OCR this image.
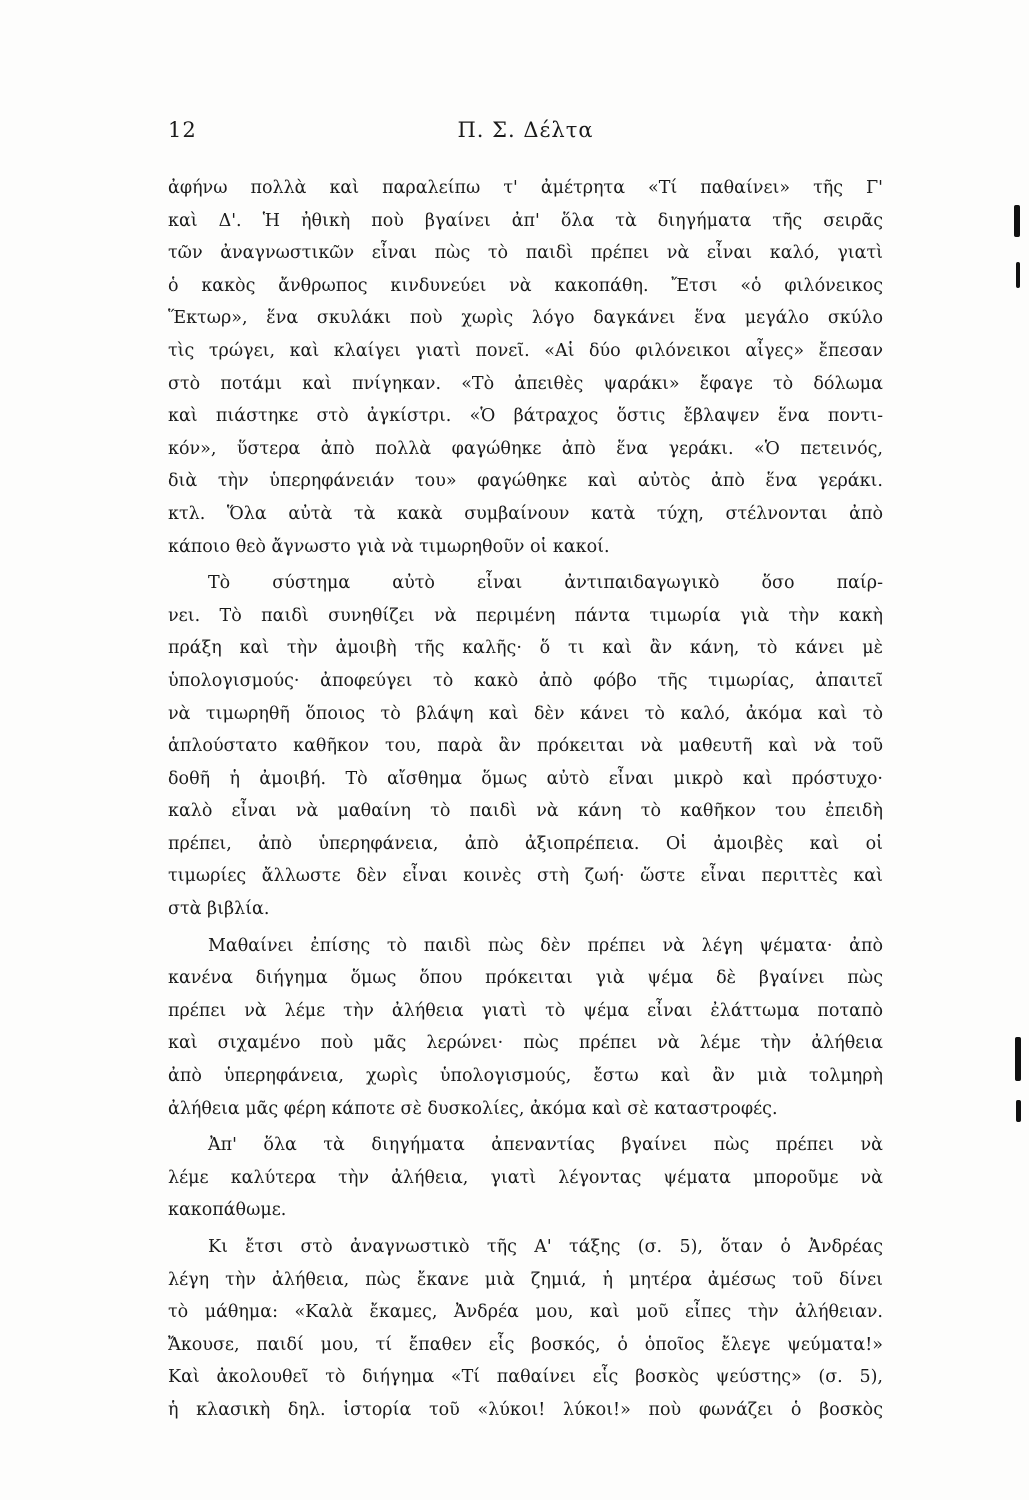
12	Π. Σ. Δέλτα
ἀφήνω πολλὰ καὶ παραλείπω τ' ἀμέτρητα «Τί παθαίνει» τῆς Γ'
καὶ Δ'. Ἡ ἠθικὴ ποὺ βγαίνει ἀπ' ὅλα τὰ διηγήματα τῆς σειρᾶς
τῶν ἀναγνωστικῶν εἶναι πὼς τὸ παιδὶ πρέπει νὰ εἶναι καλό, γιατὶ
ὁ κακὸς ἄνθρωπος κινδυνεύει νὰ κακοπάθη. Ἔτσι «ὁ φιλόνεικος
Ἕκτωρ», ἕνα σκυλάκι ποὺ χωρὶς λόγο δαγκάνει ἕνα μεγάλο σκύλο
τὶς τρώγει, καὶ κλαίγει γιατὶ πονεῖ. «Αἱ δύο φιλόνεικοι αἶγες» ἔπεσαν
στὸ ποτάμι καὶ πνίγηκαν. «Τὸ ἀπειθὲς ψαράκι» ἔφαγε τὸ δόλωμα
καὶ πιάστηκε στὸ ἀγκίστρι. «Ὁ βάτραχος ὅστις ἔβλαψεν ἕνα ποντι-
κόν», ὕστερα ἀπὸ πολλὰ φαγώθηκε ἀπὸ ἕνα γεράκι. «Ὁ πετεινός,
διὰ τὴν ὑπερηφάνειάν του» φαγώθηκε καὶ αὐτὸς ἀπὸ ἕνα γεράκι.
κτλ. Ὅλα αὐτὰ τὰ κακὰ συμβαίνουν κατὰ τύχη, στέλνονται ἀπὸ
κάποιο θεὸ ἄγνωστο γιὰ νὰ τιμωρηθοῦν οἱ κακοί.
Τὸ σύστημα αὐτὸ εἶναι ἀντιπαιδαγωγικὸ ὅσο παίρ-
νει. Τὸ παιδὶ συνηθίζει νὰ περιμένη πάντα τιμωρία γιὰ τὴν κακὴ
πράξη καὶ τὴν ἀμοιβὴ τῆς καλῆς· ὅ τι καὶ ἂν κάνη, τὸ κάνει μὲ
ὑπολογισμούς· ἀποφεύγει τὸ κακὸ ἀπὸ φόβο τῆς τιμωρίας, ἀπαιτεῖ
νὰ τιμωρηθῆ ὅποιος τὸ βλάψη καὶ δὲν κάνει τὸ καλό, ἀκόμα καὶ τὸ
ἁπλούστατο καθῆκον του, παρὰ ἂν πρόκειται νὰ μαθευτῆ καὶ νὰ τοῦ
δοθῆ ἡ ἀμοιβή. Τὸ αἴσθημα ὅμως αὐτὸ εἶναι μικρὸ καὶ πρόστυχο·
καλὸ εἶναι νὰ μαθαίνη τὸ παιδὶ νὰ κάνη τὸ καθῆκον του ἐπειδὴ
πρέπει, ἀπὸ ὑπερηφάνεια, ἀπὸ ἀξιοπρέπεια. Οἱ ἀμοιβὲς καὶ οἱ
τιμωρίες ἄλλωστε δὲν εἶναι κοινὲς στὴ ζωή· ὥστε εἶναι περιττὲς καὶ
στὰ βιβλία.
Μαθαίνει ἐπίσης τὸ παιδὶ πὼς δὲν πρέπει νὰ λέγη ψέματα· ἀπὸ
κανένα διήγημα ὅμως ὅπου πρόκειται γιὰ ψέμα δὲ βγαίνει πὼς
πρέπει νὰ λέμε τὴν ἀλήθεια γιατὶ τὸ ψέμα εἶναι ἐλάττωμα ποταπὸ
καὶ σιχαμένο ποὺ μᾶς λερώνει· πὼς πρέπει νὰ λέμε τὴν ἀλήθεια
ἀπὸ ὑπερηφάνεια, χωρὶς ὑπολογισμούς, ἔστω καὶ ἂν μιὰ τολμηρὴ
ἀλήθεια μᾶς φέρη κάποτε σὲ δυσκολίες, ἀκόμα καὶ σὲ καταστροφές.
Ἀπ' ὅλα τὰ διηγήματα ἀπεναντίας βγαίνει πὼς πρέπει νὰ
λέμε καλύτερα τὴν ἀλήθεια, γιατὶ λέγοντας ψέματα μποροῦμε νὰ
κακοπάθωμε.
Κι ἔτσι στὸ ἀναγνωστικὸ τῆς Α' τάξης (σ. 5), ὅταν ὁ Ἀνδρέας
λέγη τὴν ἀλήθεια, πὼς ἔκανε μιὰ ζημιά, ἡ μητέρα ἀμέσως τοῦ δίνει
τὸ μάθημα: «Καλὰ ἔκαμες, Ἀνδρέα μου, καὶ μοῦ εἶπες τὴν ἀλήθειαν.
Ἄκουσε, παιδί μου, τί ἔπαθεν εἷς βοσκός, ὁ ὁποῖος ἔλεγε ψεύματα!»
Καὶ ἀκολουθεῖ τὸ διήγημα «Τί παθαίνει εἷς βοσκὸς ψεύστης» (σ. 5),
ἡ κλασικὴ δηλ. ἱστορία τοῦ «λύκοι! λύκοι!» ποὺ φωνάζει ὁ βοσκὸς
